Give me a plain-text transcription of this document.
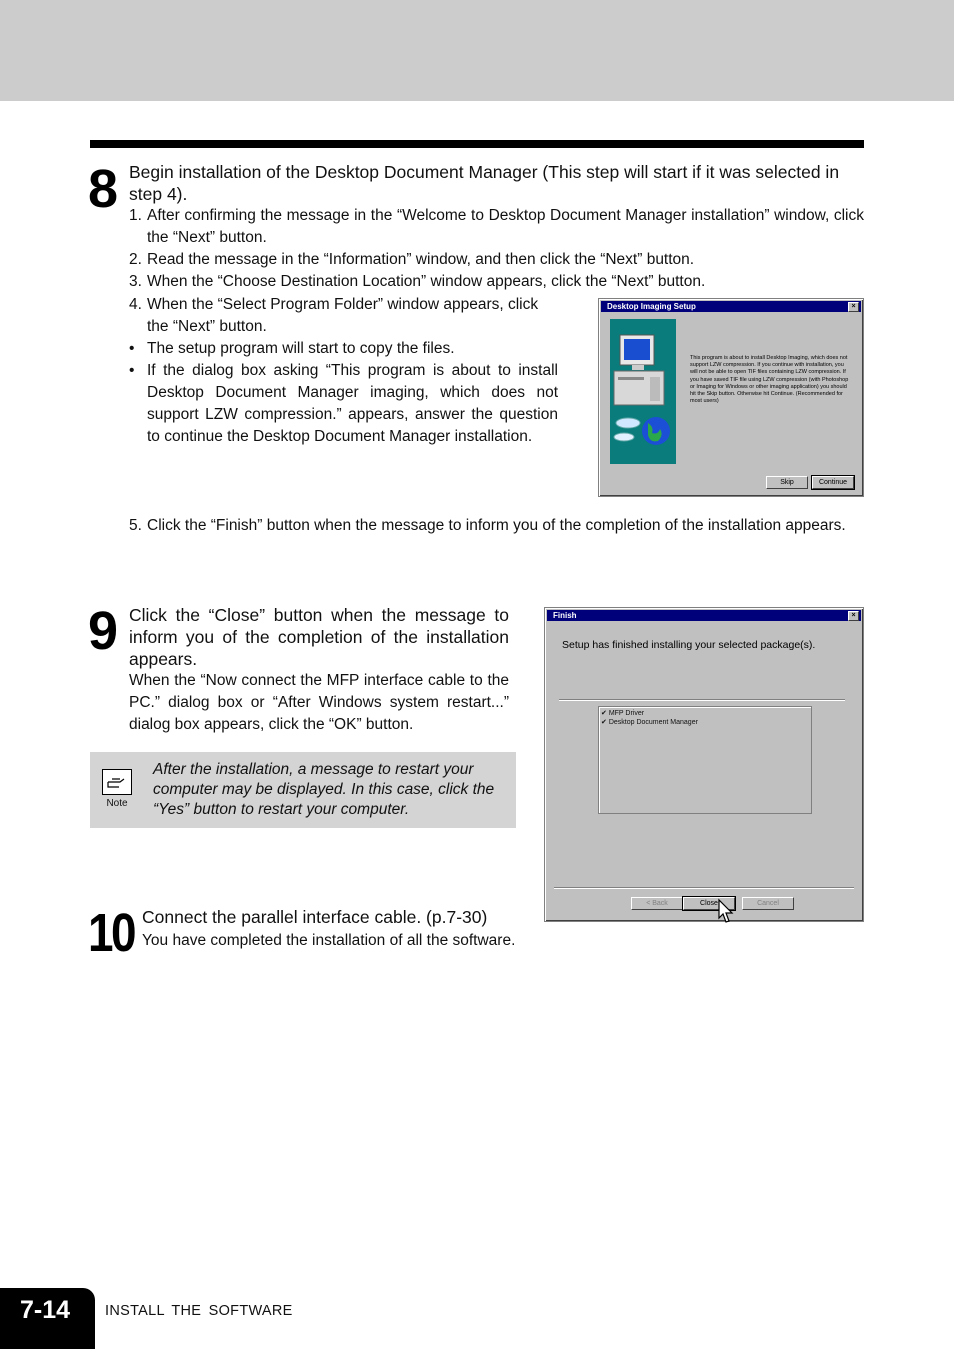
8 Begin installation of the Desktop Document Manager (This step will start if it was selected in step 4).
1. After confirming the message in the “Welcome to Desktop Document Manager installation” window, click the “Next” button.
2. Read the message in the “Information” window, and then click the “Next” button.
3. When the “Choose Destination Location” window appears, click the “Next” button.
4. When the “Select Program Folder” window appears, click the “Next” button.
• The setup program will start to copy the files.
• If the dialog box asking “This program is about to install Desktop Document Manager imaging, which does not support LZW compression.” appears, answer the question to continue the Desktop Document Manager installation.
Desktop Imaging Setup	×
This program is about to install Desktop Imaging, which does not support LZW compression. If you continue with installation, you will not be able to open TIF files containing LZW compression. If you have saved TIF file using LZW compression (with Photoshop or Imaging for Windows or other imaging application) you should hit the Skip button. Otherwise hit Continue. (Recommended for most users)
Skip	Continue
5. Click the “Finish” button when the message to inform you of the completion of the installation appears.
9 Click the “Close” button when the message to inform you of the completion of the installation appears.
When the “Now connect the MFP interface cable to the PC.” dialog box or “After Windows system restart...” dialog box appears, click the “OK” button.
Note
After the installation, a message to restart your computer may be displayed. In this case, click the “Yes” button to restart your computer.
Finish	×
Setup has finished installing your selected package(s).
✔ MFP Driver
✔ Desktop Document Manager
< Back	Close	Cancel
10 Connect the parallel interface cable. (p.7-30)
You have completed the installation of all the software.
7-14 INSTALL THE SOFTWARE
